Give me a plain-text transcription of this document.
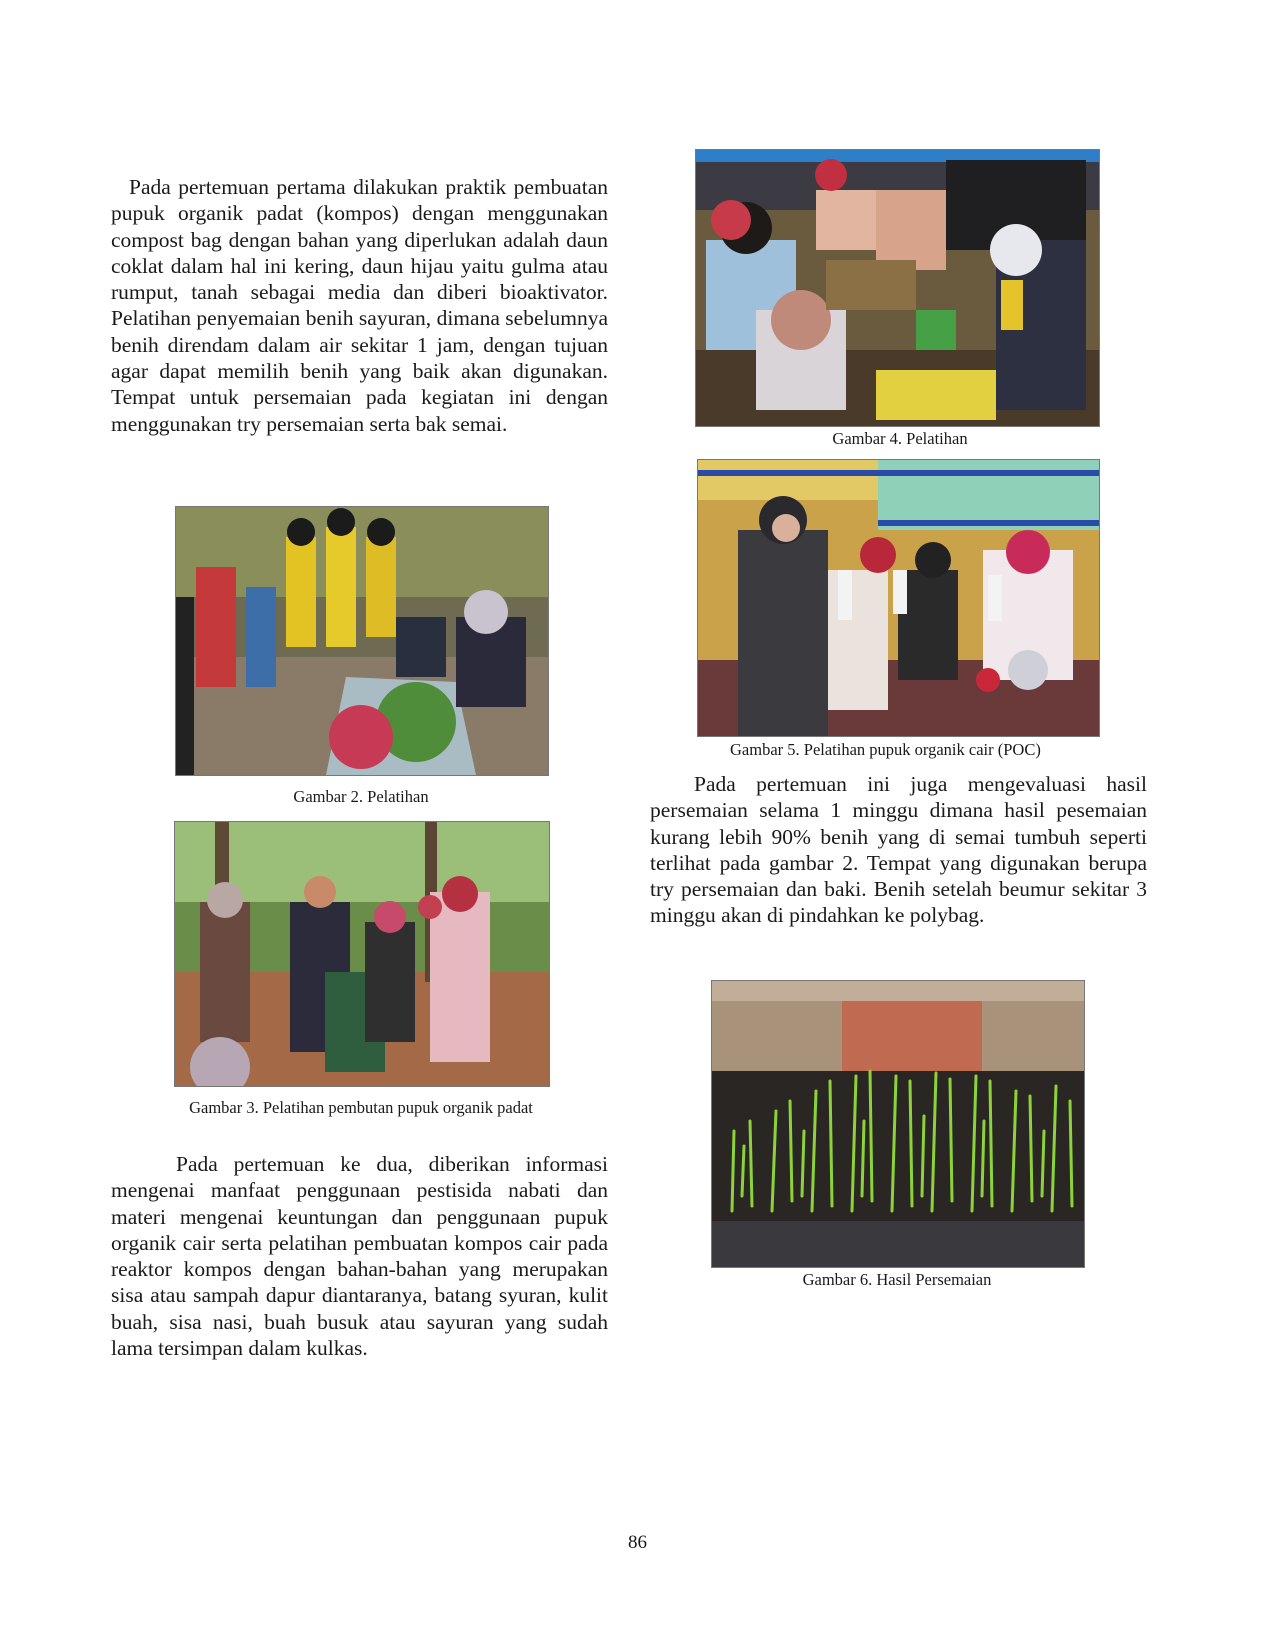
Pada pertemuan pertama dilakukan praktik pembuatan pupuk organik padat (kompos) dengan menggunakan compost bag dengan bahan yang diperlukan adalah daun coklat dalam hal ini kering, daun hijau yaitu gulma atau rumput, tanah sebagai media dan diberi bioaktivator. Pelatihan penyemaian benih sayuran, dimana sebelumnya benih direndam dalam air sekitar 1 jam, dengan tujuan agar dapat memilih benih yang baik akan digunakan. Tempat untuk persemaian pada kegiatan ini dengan menggunakan try persemaian serta bak semai.

Gambar 2. Pelatihan
Gambar 3. Pelatihan pembutan pupuk organik padat

Pada pertemuan ke dua, diberikan informasi mengenai manfaat penggunaan pestisida nabati dan materi mengenai keuntungan dan penggunaan pupuk organik cair serta pelatihan pembuatan kompos cair pada reaktor kompos dengan bahan-bahan yang merupakan sisa atau sampah dapur diantaranya, batang syuran, kulit buah, sisa nasi, buah busuk atau sayuran yang sudah lama tersimpan dalam kulkas.

Gambar 4. Pelatihan
Gambar 5. Pelatihan pupuk organik cair (POC)

Pada pertemuan ini juga mengevaluasi hasil persemaian selama 1 minggu dimana hasil pesemaian kurang lebih 90% benih yang di semai tumbuh seperti terlihat pada gambar 2. Tempat yang digunakan berupa try persemaian dan baki. Benih setelah beumur sekitar 3 minggu akan di pindahkan ke polybag.

Gambar 6. Hasil Persemaian
86
